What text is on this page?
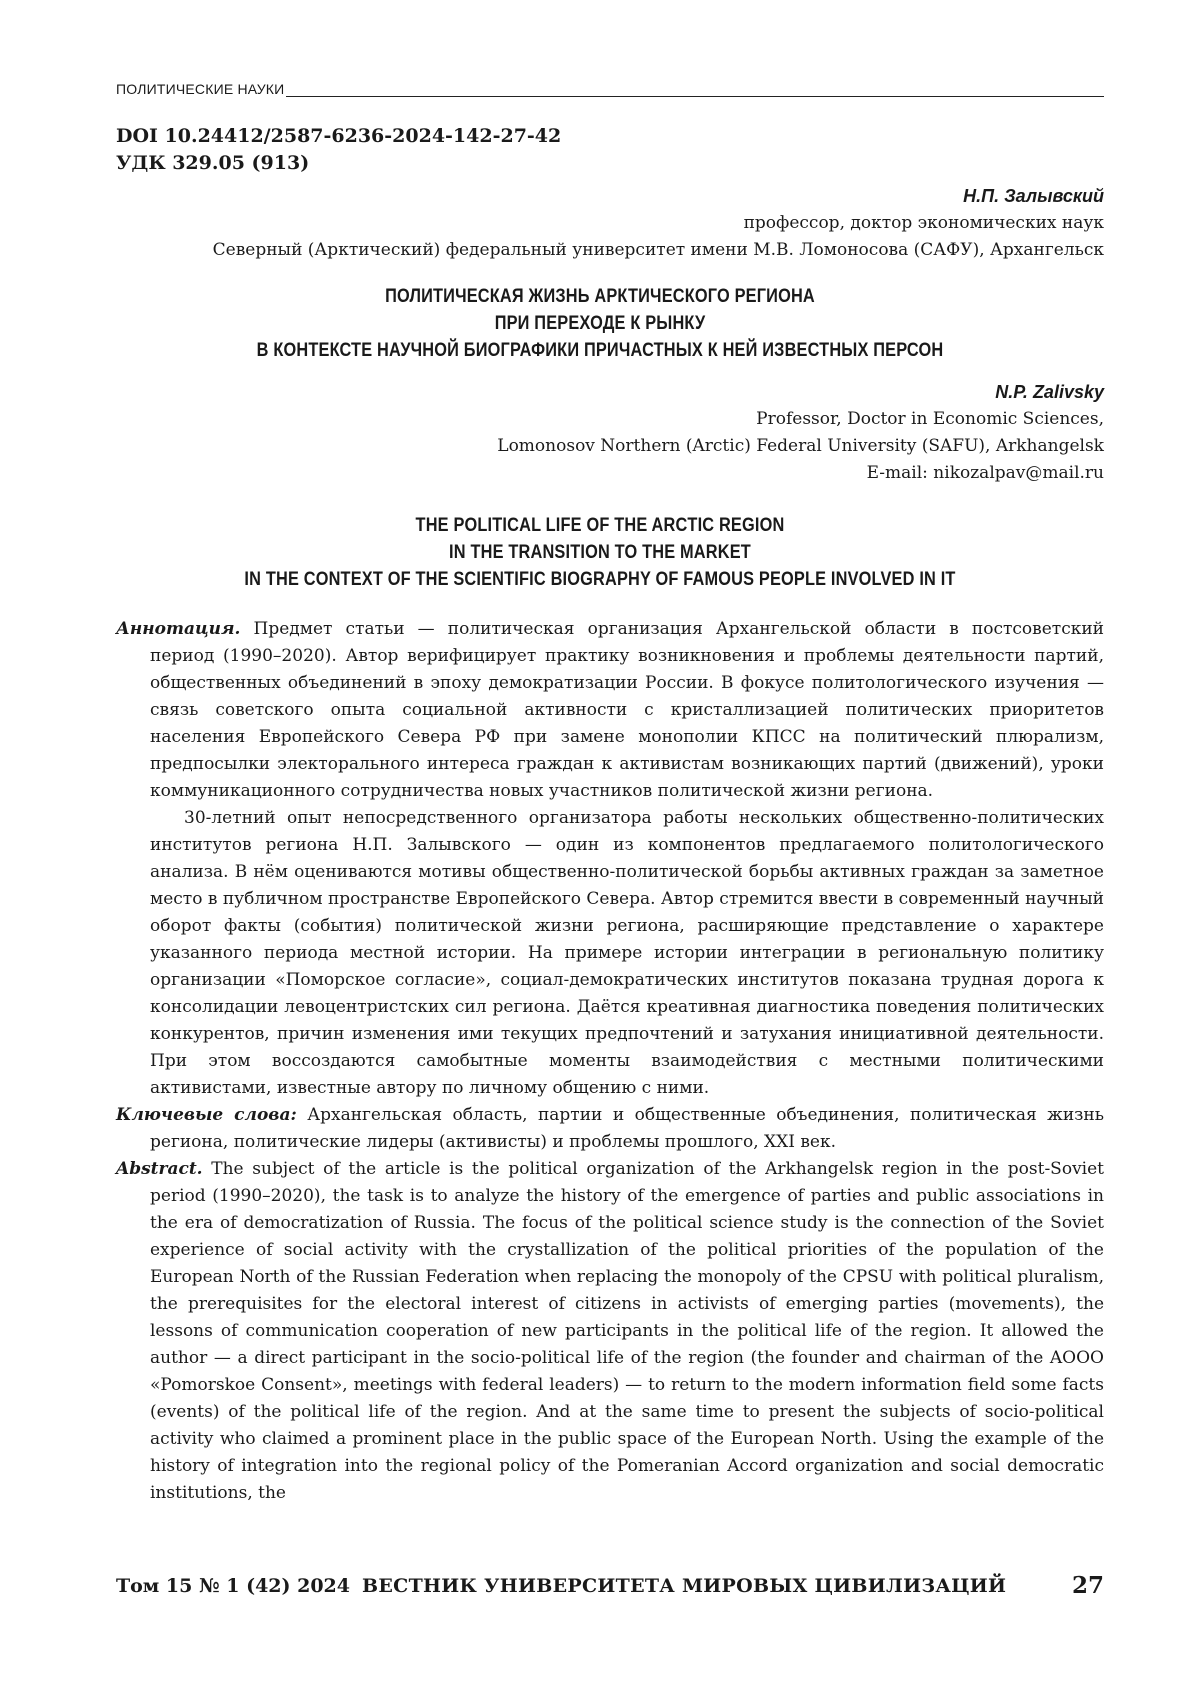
ПОЛИТИЧЕСКИЕ НАУКИ
DOI 10.24412/2587-6236-2024-142-27-42
УДК 329.05 (913)
Н.П. Залывский
профессор, доктор экономических наук
Северный (Арктический) федеральный университет имени М.В. Ломоносова (САФУ), Архангельск
ПОЛИТИЧЕСКАЯ ЖИЗНЬ АРКТИЧЕСКОГО РЕГИОНА
ПРИ ПЕРЕХОДЕ К РЫНКУ
В КОНТЕКСТЕ НАУЧНОЙ БИОГРАФИКИ ПРИЧАСТНЫХ К НЕЙ ИЗВЕСТНЫХ ПЕРСОН
N.P. Zalivsky
Professor, Doctor in Economic Sciences,
Lomonosov Northern (Arctic) Federal University (SAFU), Arkhangelsk
E-mail: nikozalpav@mail.ru
THE POLITICAL LIFE OF THE ARCTIC REGION
IN THE TRANSITION TO THE MARKET
IN THE CONTEXT OF THE SCIENTIFIC BIOGRAPHY OF FAMOUS PEOPLE INVOLVED IN IT

Аннотация. Предмет статьи — политическая организация Архангельской области в постсоветский период (1990–2020). Автор верифицирует практику возникновения и проблемы деятельности партий, общественных объединений в эпоху демократизации России. В фокусе политологического изучения — связь советского опыта социальной активности с кристаллизацией политических приоритетов населения Европейского Севера РФ при замене монополии КПСС на политический плюрализм, предпосылки электорального интереса граждан к активистам возникающих партий (движений), уроки коммуникационного сотрудничества новых участников политической жизни региона.

30-летний опыт непосредственного организатора работы нескольких общественно-политических институтов региона Н.П. Залывского — один из компонентов предлагаемого политологического анализа. В нём оцениваются мотивы общественно-политической борьбы активных граждан за заметное место в публичном пространстве Европейского Севера. Автор стремится ввести в современный научный оборот факты (события) политической жизни региона, расширяющие представление о характере указанного периода местной истории. На примере истории интеграции в региональную политику организации «Поморское согласие», социал-демократических институтов показана трудная дорога к консолидации левоцентристских сил региона. Даётся креативная диагностика поведения политических конкурентов, причин изменения ими текущих предпочтений и затухания инициативной деятельности. При этом воссоздаются самобытные моменты взаимодействия с местными политическими активистами, известные автору по личному общению с ними.

Ключевые слова: Архангельская область, партии и общественные объединения, политическая жизнь региона, политические лидеры (активисты) и проблемы прошлого, XXI век.

Abstract. The subject of the article is the political organization of the Arkhangelsk region in the post-Soviet period (1990–2020), the task is to analyze the history of the emergence of parties and public associations in the era of democratization of Russia. The focus of the political science study is the connection of the Soviet experience of social activity with the crystallization of the political priorities of the population of the European North of the Russian Federation when replacing the monopoly of the CPSU with political pluralism, the prerequisites for the electoral interest of citizens in activists of emerging parties (movements), the lessons of communication cooperation of new participants in the political life of the region. It allowed the author — a direct participant in the socio-political life of the region (the founder and chairman of the AOOO «Pomorskoe Consent», meetings with federal leaders) — to return to the modern information field some facts (events) of the political life of the region. And at the same time to present the subjects of socio-political activity who claimed a prominent place in the public space of the European North. Using the example of the history of integration into the regional policy of the Pomeranian Accord organization and social democratic institutions, the

Том 15 № 1 (42) 2024 ВЕСТНИК УНИВЕРСИТЕТА МИРОВЫХ ЦИВИЛИЗАЦИЙ	27
